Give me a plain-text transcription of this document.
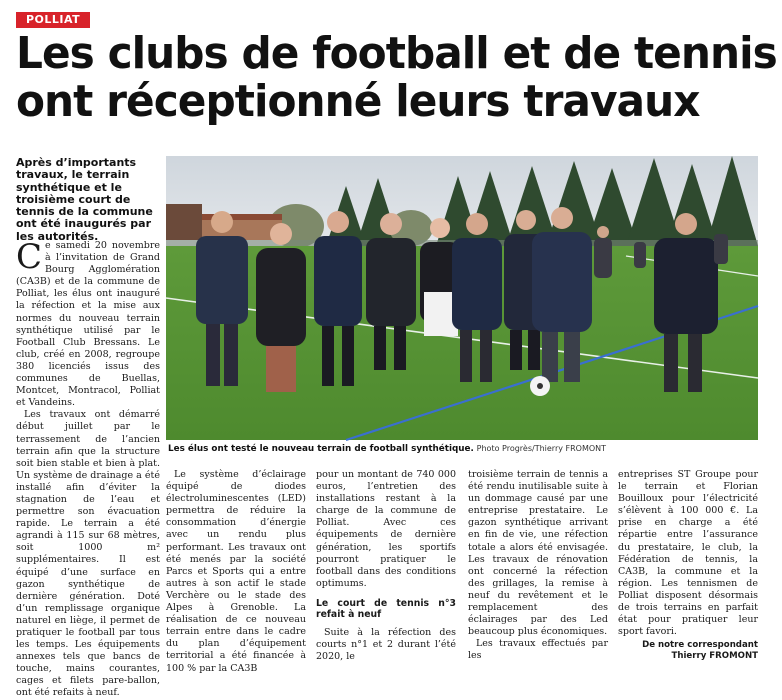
POLLIAT
Les clubs de football et de tennis
ont réceptionné leurs travaux
Après d’importants travaux, le terrain synthétique et le troisième court de tennis de la commune ont été inaugurés par les autorités.

Ce samedi 20 novembre à l’invitation de Grand Bourg Agglomération (CA3B) et de la commune de Polliat, les élus ont inauguré la réfection et la mise aux normes du nouveau terrain synthétique utilisé par le Football Club Bressans. Le club, créé en 2008, regroupe 380 licenciés issus des communes de Buellas, Montcet, Montracol, Polliat et Vandeins.

Les travaux ont démarré début juillet par le terrassement de l’ancien terrain afin que la structure soit bien stable et bien à plat. Un système de drainage a été installé afin d’éviter la stagnation de l’eau et permettre son évacuation rapide. Le terrain a été agrandi à 115 sur 68 mètres, soit 1000 m² supplémentaires. Il est équipé d’une surface en gazon synthétique de dernière génération. Doté d’un remplissage organique naturel en liège, il permet de pratiquer le football par tous les temps. Les équipements annexes tels que bancs de touche, mains courantes, cages et filets pare-ballon, ont été refaits à neuf.

Les élus ont testé le nouveau terrain de football synthétique. Photo Progrès/Thierry FROMONT

Le système d’éclairage équipé de diodes électroluminescentes (LED) permettra de réduire la consommation d’énergie avec un rendu plus performant. Les travaux ont été menés par la société Parcs et Sports qui a entre autres à son actif le stade Verchère ou le stade des Alpes à Grenoble. La réalisation de ce nouveau terrain entre dans le cadre du plan d’équipement territorial a été financée à 100 % par la CA3B

pour un montant de 740 000 euros, l’entretien des installations restant à la charge de la commune de Polliat. Avec ces équipements de dernière génération, les sportifs pourront pratiquer le football dans des conditions optimums.

Le court de tennis n°3 refait à neuf

Suite à la réfection des courts n°1 et 2 durant l’été 2020, le

troisième terrain de tennis a été rendu inutilisable suite à un dommage causé par une entreprise prestataire. Le gazon synthétique arrivant en fin de vie, une réfection totale a alors été envisagée. Les travaux de rénovation ont concerné la réfection des grillages, la remise à neuf du revêtement et le remplacement des éclairages par des Led beaucoup plus économiques.

Les travaux effectués par les

entreprises ST Groupe pour le terrain et Florian Bouilloux pour l’électricité s’élèvent à 100 000 €. La prise en charge a été répartie entre l’assurance du prestataire, le club, la Fédération de tennis, la CA3B, la commune et la région. Les tennismen de Polliat disposent désormais de trois terrains en parfait état pour pratiquer leur sport favori.

De notre correspondant
Thierry FROMONT
